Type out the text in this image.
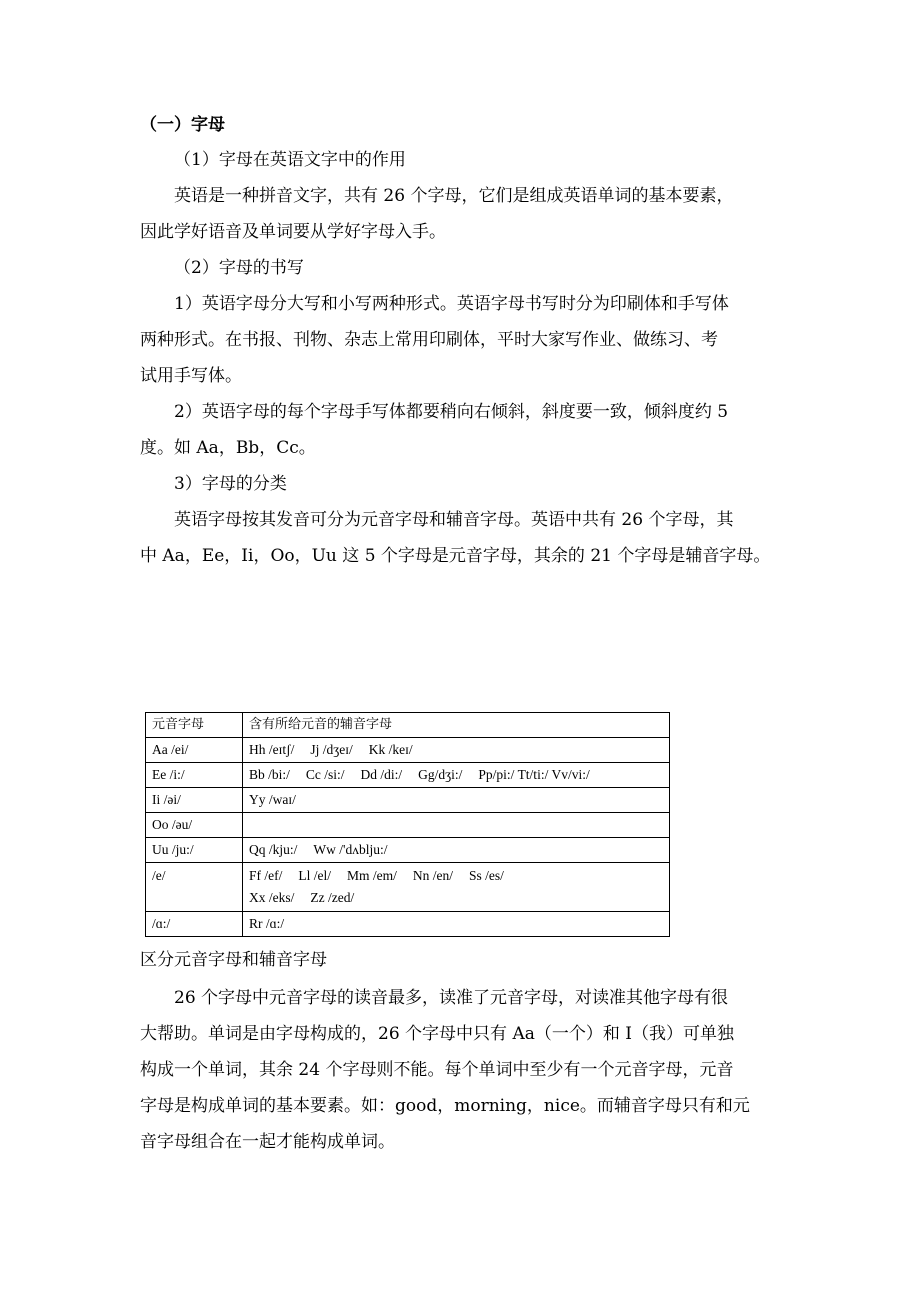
（一）字母
（1）字母在英语文字中的作用
英语是一种拼音文字，共有 26 个字母，它们是组成英语单词的基本要素，
因此学好语音及单词要从学好字母入手。
（2）字母的书写
1）英语字母分大写和小写两种形式。英语字母书写时分为印刷体和手写体
两种形式。在书报、刊物、杂志上常用印刷体，平时大家写作业、做练习、考
试用手写体。
2）英语字母的每个字母手写体都要稍向右倾斜，斜度要一致，倾斜度约 5
度。如 Aa，Bb，Cc。
3）字母的分类
英语字母按其发音可分为元音字母和辅音字母。英语中共有 26 个字母，其
中 Aa，Ee，Ii，Oo，Uu 这 5 个字母是元音字母，其余的 21 个字母是辅音字母。
元音字母	含有所给元音的辅音字母
Aa /ei/	Hh /eɪtʃ/ Jj /dʒeɪ/ Kk /keɪ/
Ee /i:/	Bb /bi:/ Cc /si:/ Dd /di:/ Gg/dʒi:/ Pp/pi:/ Tt/ti:/ Vv/vi:/
Ii /əi/	Yy /waɪ/
Oo /əu/	
Uu /ju:/	Qq /kju:/ Ww /'dʌblju:/
/e/	Ff /ef/ Ll /el/ Mm /em/ Nn /en/ Ss /es/
Xx /eks/ Zz /zed/

/ɑ:/	Rr /ɑ:/
区分元音字母和辅音字母
26 个字母中元音字母的读音最多，读准了元音字母，对读准其他字母有很
大帮助。单词是由字母构成的，26 个字母中只有 Aa（一个）和 I（我）可单独
构成一个单词，其余 24 个字母则不能。每个单词中至少有一个元音字母，元音
字母是构成单词的基本要素。如：good，morning，nice。而辅音字母只有和元
音字母组合在一起才能构成单词。
